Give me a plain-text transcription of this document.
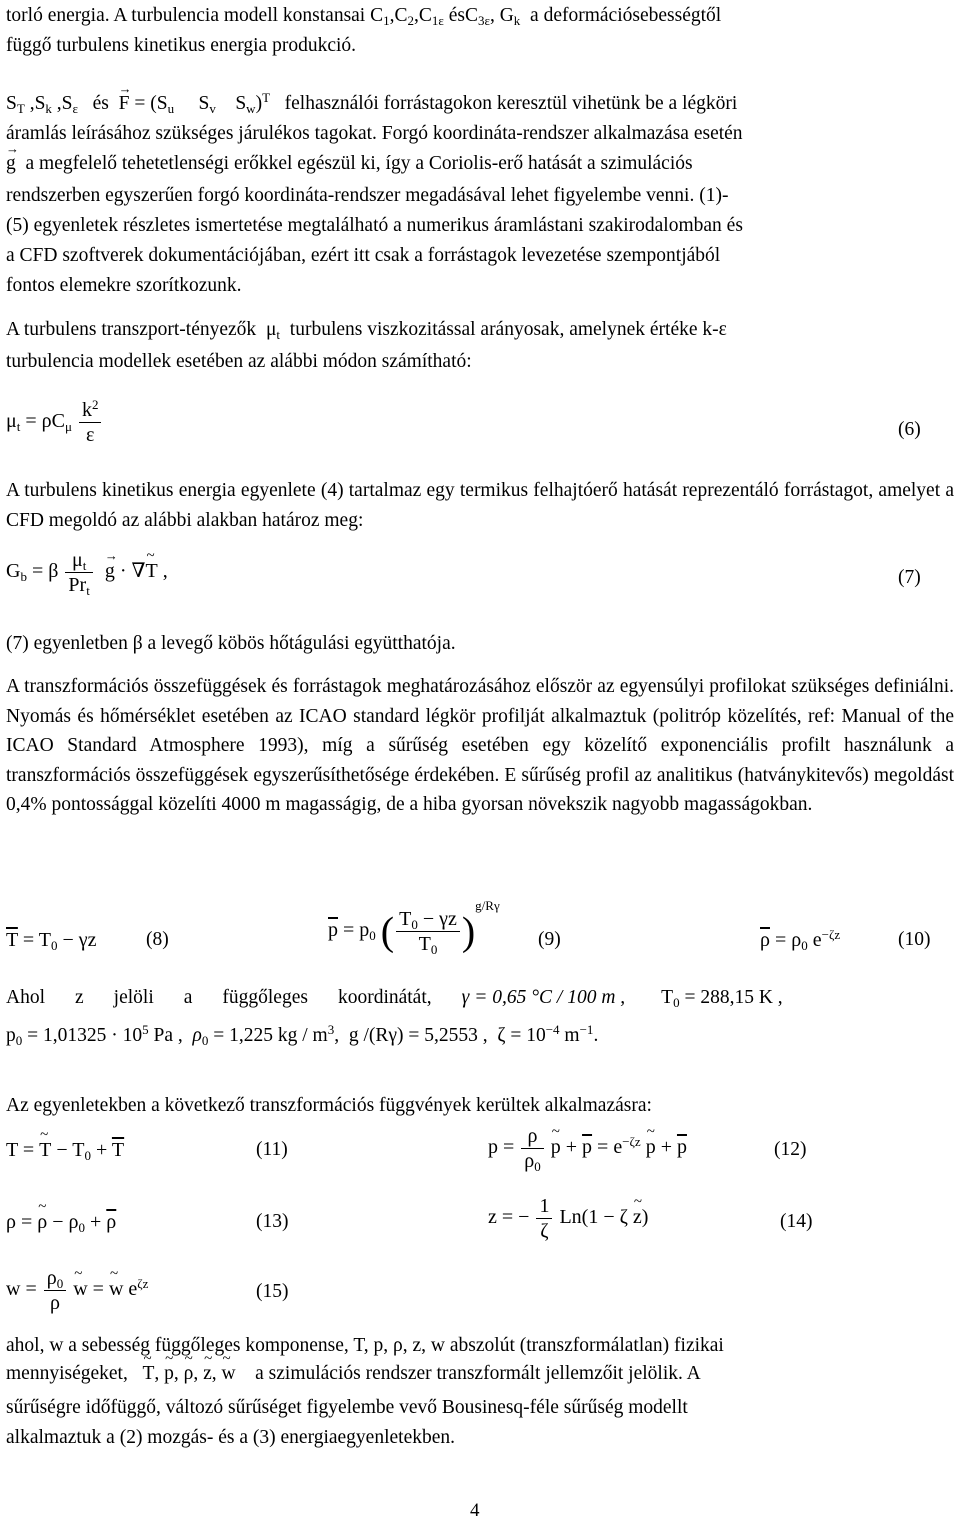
torló energia. A turbulencia modell konstansai $C_1,C_2,C_{1\varepsilon}$ ésC$_{3\varepsilon}$, $G_k$ a deformációsebességtől
függő turbulens kinetikus energia produkció.
$S_T$ $,S_k$ $,S_\varepsilon$ és → $F = (S_u$     $S_v$    $S_w)^T$ felhasználói forrástagokon keresztül vihetünk be a légköri
áramlás leírásához szükséges járulékos tagokat. Forgó koordináta-rendszer alkalmazása esetén
→ g a megfelelő tehetetlenségi erőkkel egészül ki, így a Coriolis-erő hatását a szimulációs
rendszerben egyszerűen forgó koordináta-rendszer megadásával lehet figyelembe venni. (1)-
(5) egyenletek részletes ismertetése megtalálható a numerikus áramlástani szakirodalomban és
a CFD szoftverek dokumentációjában, ezért itt csak a forrástagok levezetése szempontjából
fontos elemekre szorítkozunk.
A turbulens transzport-tényezők  $\mu_t$ turbulens viszkozitással arányosak, amelynek értéke k-ε
turbulencia modellek esetében az alábbi módon számítható:
$\mu_t = \rho C_\mu \frac{k^2}{\varepsilon}$	(6)
A turbulens kinetikus energia egyenlete (4) tartalmaz egy termikus felhajtóerő hatását reprezentáló forrástagot, amelyet a CFD megoldó az alábbi alakban határoz meg:
$G_b = \beta \frac{\mu_t}{Pr_t} \to g$ · ∇~ T ,	(7)
(7) egyenletben β a levegő köbös hőtágulási együtthatója.
A transzformációs összefüggések és forrástagok meghatározásához először az egyensúlyi profilokat szükséges definiálni. Nyomás és hőmérséklet esetében az ICAO standard légkör profilját alkalmaztuk (politróp közelítés, ref: Manual of the ICAO Standard Atmosphere 1993), míg a sűrűség esetében egy közelítő exponenciális profilt használunk a transzformációs összefüggések egyszerűsíthetősége érdekében. E sűrűség profil az analitikus (hatványkitevős) megoldást 0,4% pontossággal közelíti 4000 m magasságig, de a hiba gyorsan növekszik nagyobb magasságokban.
$\overline{T} = T_0 - \gamma z$	(8)	$\overline{p} = p_0$ ( $\frac{T_0 - \gamma z}{T_0} )^{g/R\gamma}$
(9)	$\overline{\rho} = \rho_0$ $e^{-\zeta z}$	(10)
Ahol z jelöli a függőleges koordinátát, γ = 0,65 °C / 100 m , $T_0 = 288,15$ K ,
$p_0 = 1,01325 \cdot 10^5$ Pa , $\rho_0 = 1,225$ kg / $m^3$,  g /(Rγ) = 5,2553 , $\zeta = 10^{-4}$ $m^{-1}$.
Az egyenletekben a következő transzformációs függvények kerültek alkalmazásra:
T = ~ $T - T_0 + \overline{T}$	(11)	$p = \frac{\rho}{\rho_0}$ ~ $p + \overline{p} = e^{-\zeta z}$ ~ $p + \overline{p}$	(12)
ρ = ~ $\rho - \rho_0 + \overline{\rho}$	(13)	z = − $\frac{1}{\zeta} Ln(1 - \zeta$ ~ z)	(14)
$w = \frac{\rho_0}{\rho}$ ~ w = ~ w $e^{\zeta z}$	(15)
ahol, w a sebesség függőleges komponense, T, p, ρ, z, w abszolút (transzformálatlan) fizikai
mennyiségeket, ~ T, ~ p, ~ ρ, ~ z, ~ w a szimulációs rendszer transzformált jellemzőit jelölik. A
sűrűségre időfüggő, változó sűrűséget figyelembe vevő Bousinesq-féle sűrűség modellt
alkalmaztuk a (2) mozgás- és a (3) energiaegyenletekben.
4
